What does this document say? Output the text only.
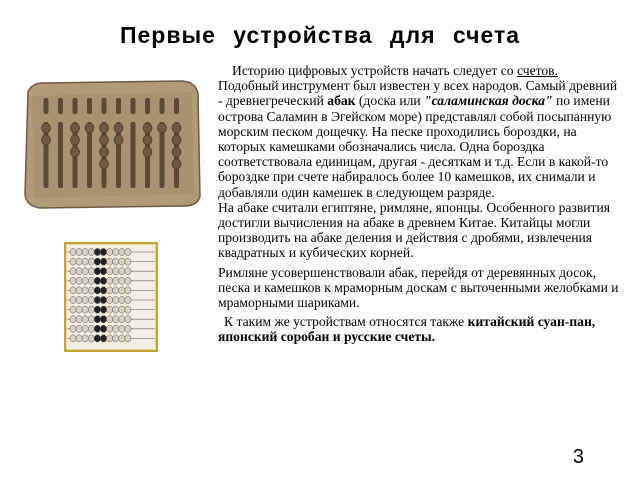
Первые устройства для счета

Историю цифровых устройств начать следует со счетов. Подобный инструмент был известен у всех народов. Самый древний - древнегреческий абак (доска или "саламинская доска" по имени острова Саламин в Эгейском море) представлял собой посыпанную морским песком дощечку. На песке проходились бороздки, на которых камешками обозначались числа. Одна бороздка соответствовала единицам, другая - десяткам и т.д. Если в какой-то бороздке при счете набиралось более 10 камешков, их снимали и добавляли один камешек в следующем разряде.

На абаке считали египтяне, римляне, японцы. Особенного развития достигли вычисления на абаке в древнем Китае. Китайцы могли производить на абаке деления и действия с дробями, извлечения квадратных и кубических корней.

Римляне усовершенствовали абак, перейдя от деревянных досок, песка и камешков к мраморным доскам с выточенными желобками и мраморными шариками.

К таким же устройствам относятся также китайский суан-пан, японский соробан и русские счеты.

3
